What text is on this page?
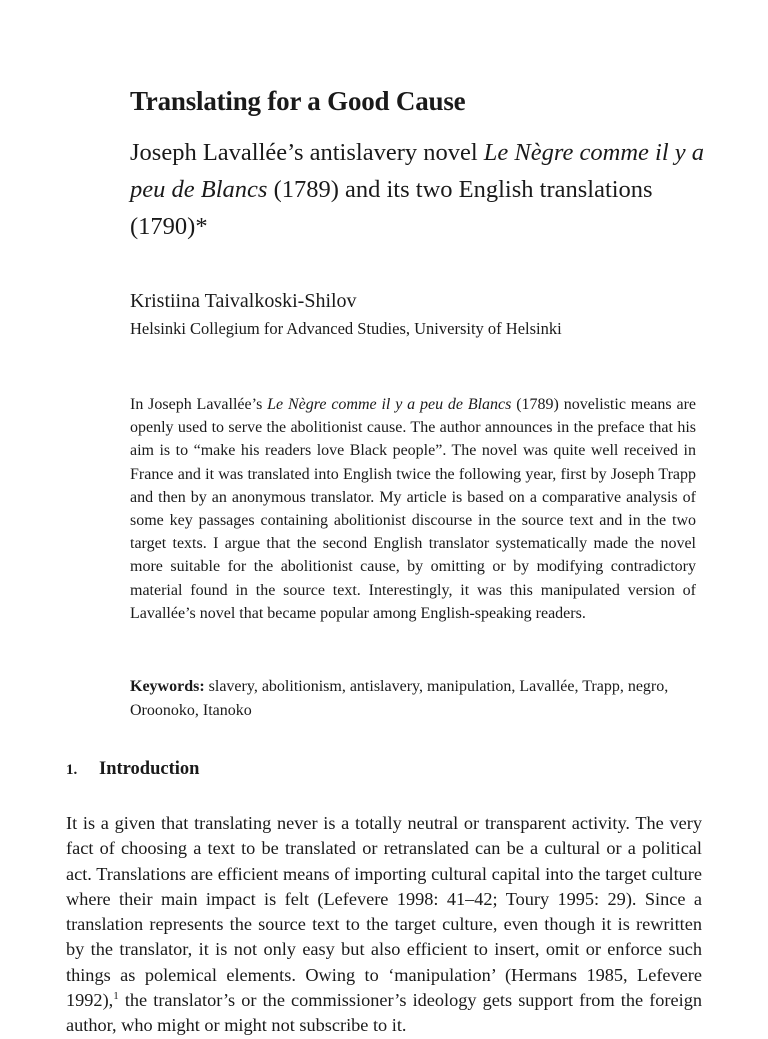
Translating for a Good Cause

Joseph Lavallée’s antislavery novel Le Nègre comme il y a peu de Blancs (1789) and its two English translations (1790)*

Kristiina Taivalkoski-Shilov

Helsinki Collegium for Advanced Studies, University of Helsinki

In Joseph Lavallée’s Le Nègre comme il y a peu de Blancs (1789) novelistic means are openly used to serve the abolitionist cause. The author announces in the preface that his aim is to “make his readers love Black people”. The novel was quite well received in France and it was translated into English twice the following year, first by Joseph Trapp and then by an anonymous translator. My article is based on a comparative analysis of some key passages containing abolitionist discourse in the source text and in the two target texts. I argue that the second English translator systematically made the novel more suitable for the abolitionist cause, by omitting or by modifying contradictory material found in the source text. Interestingly, it was this manipulated version of Lavallée’s novel that became popular among English-speaking readers.

Keywords: slavery, abolitionism, antislavery, manipulation, Lavallée, Trapp, negro, Oroonoko, Itanoko

1. Introduction

It is a given that translating never is a totally neutral or transparent activity. The very fact of choosing a text to be translated or retranslated can be a cultural or a political act. Translations are efficient means of importing cultural capital into the target culture where their main impact is felt (Lefevere 1998: 41–42; Toury 1995: 29). Since a translation represents the source text to the target culture, even though it is rewritten by the translator, it is not only easy but also efficient to insert, omit or enforce such things as polemical elements. Owing to ‘manipulation’ (Hermans 1985, Lefevere 1992),$^1$ the translator’s or the commissioner’s ideology gets support from the foreign author, who might or might not subscribe to it.
